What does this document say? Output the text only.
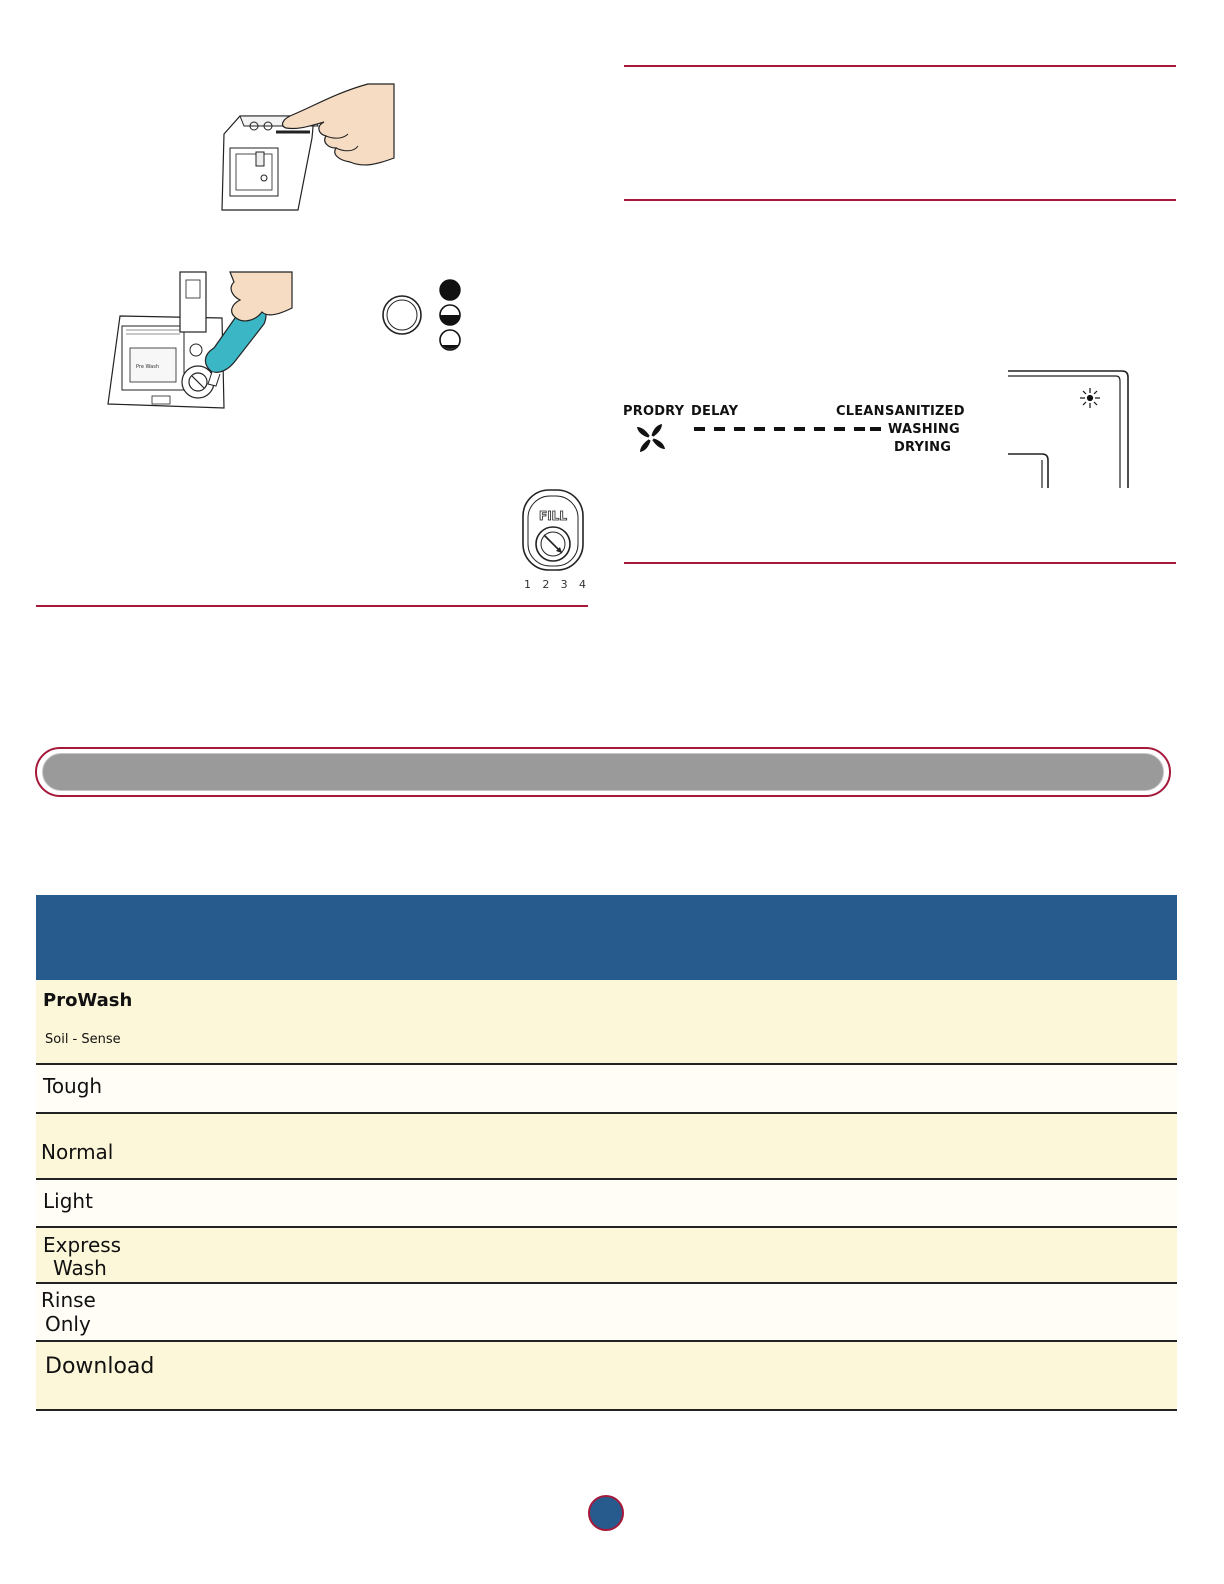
Pre Wash
FILL
1 2 3 4
PRODRY DELAY	CLEAN SANITIZED
WASHING
DRYING
ProWash
Soil - Sense
Tough
Normal
Light
Express
Wash
Rinse
Only
Download
